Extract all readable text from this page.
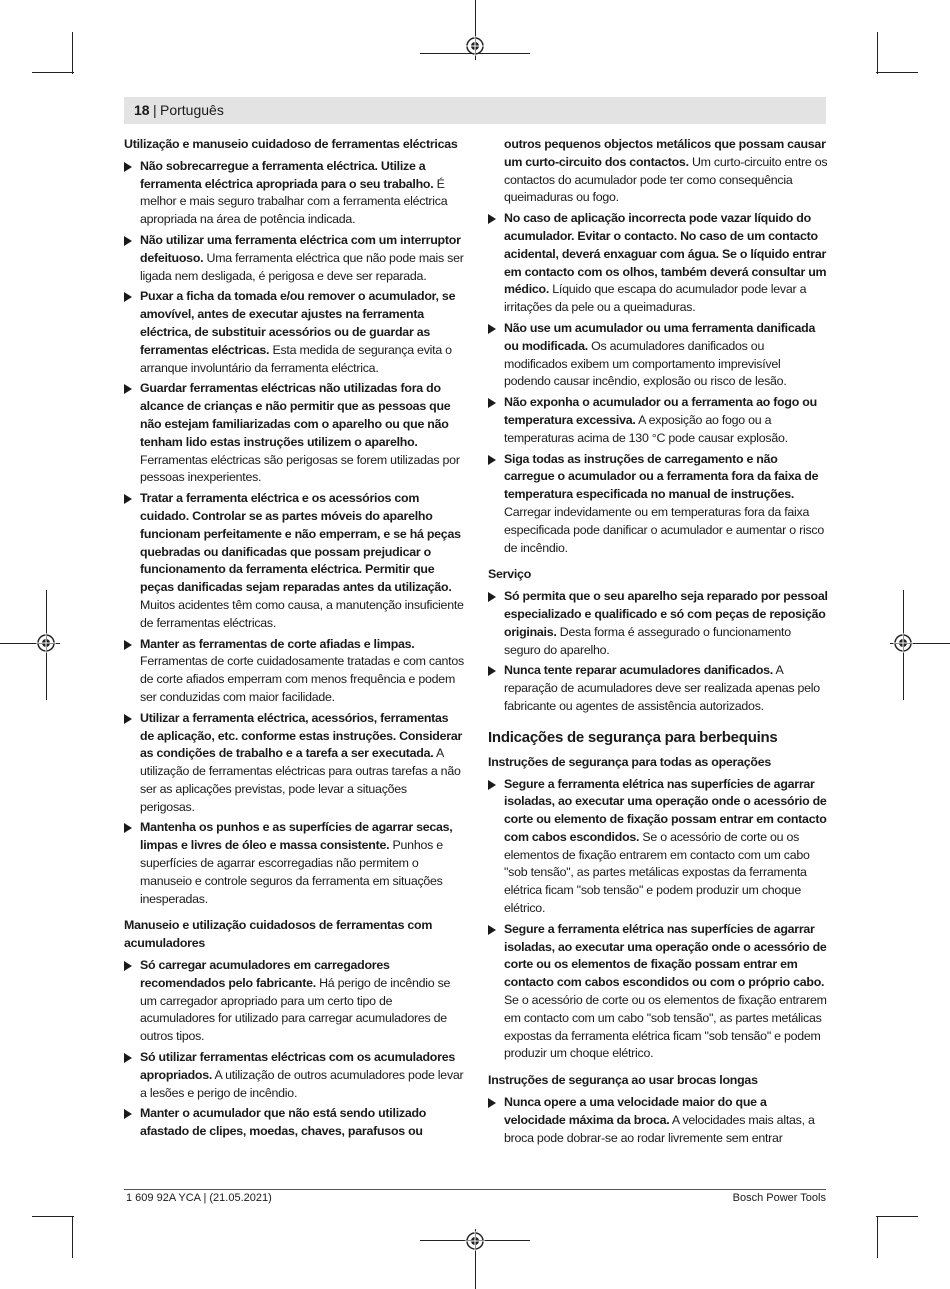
18 | Português
Utilização e manuseio cuidadoso de ferramentas eléctricas
Não sobrecarregue a ferramenta eléctrica. Utilize a ferramenta eléctrica apropriada para o seu trabalho. É melhor e mais seguro trabalhar com a ferramenta eléctrica apropriada na área de potência indicada.
Não utilizar uma ferramenta eléctrica com um interruptor defeituoso. Uma ferramenta eléctrica que não pode mais ser ligada nem desligada, é perigosa e deve ser reparada.
Puxar a ficha da tomada e/ou remover o acumulador, se amovível, antes de executar ajustes na ferramenta eléctrica, de substituir acessórios ou de guardar as ferramentas eléctricas. Esta medida de segurança evita o arranque involuntário da ferramenta eléctrica.
Guardar ferramentas eléctricas não utilizadas fora do alcance de crianças e não permitir que as pessoas que não estejam familiarizadas com o aparelho ou que não tenham lido estas instruções utilizem o aparelho. Ferramentas eléctricas são perigosas se forem utilizadas por pessoas inexperientes.
Tratar a ferramenta eléctrica e os acessórios com cuidado. Controlar se as partes móveis do aparelho funcionam perfeitamente e não emperram, e se há peças quebradas ou danificadas que possam prejudicar o funcionamento da ferramenta eléctrica. Permitir que peças danificadas sejam reparadas antes da utilização. Muitos acidentes têm como causa, a manutenção insuficiente de ferramentas eléctricas.
Manter as ferramentas de corte afiadas e limpas. Ferramentas de corte cuidadosamente tratadas e com cantos de corte afiados emperram com menos frequência e podem ser conduzidas com maior facilidade.
Utilizar a ferramenta eléctrica, acessórios, ferramentas de aplicação, etc. conforme estas instruções. Considerar as condições de trabalho e a tarefa a ser executada. A utilização de ferramentas eléctricas para outras tarefas a não ser as aplicações previstas, pode levar a situações perigosas.
Mantenha os punhos e as superfícies de agarrar secas, limpas e livres de óleo e massa consistente. Punhos e superfícies de agarrar escorregadias não permitem o manuseio e controle seguros da ferramenta em situações inesperadas.
Manuseio e utilização cuidadosos de ferramentas com acumuladores
Só carregar acumuladores em carregadores recomendados pelo fabricante. Há perigo de incêndio se um carregador apropriado para um certo tipo de acumuladores for utilizado para carregar acumuladores de outros tipos.
Só utilizar ferramentas eléctricas com os acumuladores apropriados. A utilização de outros acumuladores pode levar a lesões e perigo de incêndio.
Manter o acumulador que não está sendo utilizado afastado de clipes, moedas, chaves, parafusos ou
outros pequenos objectos metálicos que possam causar um curto-circuito dos contactos. Um curto-circuito entre os contactos do acumulador pode ter como consequência queimaduras ou fogo.
No caso de aplicação incorrecta pode vazar líquido do acumulador. Evitar o contacto. No caso de um contacto acidental, deverá enxaguar com água. Se o líquido entrar em contacto com os olhos, também deverá consultar um médico. Líquido que escapa do acumulador pode levar a irritações da pele ou a queimaduras.
Não use um acumulador ou uma ferramenta danificada ou modificada. Os acumuladores danificados ou modificados exibem um comportamento imprevisível podendo causar incêndio, explosão ou risco de lesão.
Não exponha o acumulador ou a ferramenta ao fogo ou temperatura excessiva. A exposição ao fogo ou a temperaturas acima de 130 °C pode causar explosão.
Siga todas as instruções de carregamento e não carregue o acumulador ou a ferramenta fora da faixa de temperatura especificada no manual de instruções. Carregar indevidamente ou em temperaturas fora da faixa especificada pode danificar o acumulador e aumentar o risco de incêndio.
Serviço
Só permita que o seu aparelho seja reparado por pessoal especializado e qualificado e só com peças de reposição originais. Desta forma é assegurado o funcionamento seguro do aparelho.
Nunca tente reparar acumuladores danificados. A reparação de acumuladores deve ser realizada apenas pelo fabricante ou agentes de assistência autorizados.
Indicações de segurança para berbequins
Instruções de segurança para todas as operações
Segure a ferramenta elétrica nas superfícies de agarrar isoladas, ao executar uma operação onde o acessório de corte ou elemento de fixação possam entrar em contacto com cabos escondidos. Se o acessório de corte ou os elementos de fixação entrarem em contacto com um cabo "sob tensão", as partes metálicas expostas da ferramenta elétrica ficam "sob tensão" e podem produzir um choque elétrico.
Segure a ferramenta elétrica nas superfícies de agarrar isoladas, ao executar uma operação onde o acessório de corte ou os elementos de fixação possam entrar em contacto com cabos escondidos ou com o próprio cabo. Se o acessório de corte ou os elementos de fixação entrarem em contacto com um cabo "sob tensão", as partes metálicas expostas da ferramenta elétrica ficam "sob tensão" e podem produzir um choque elétrico.
Instruções de segurança ao usar brocas longas
Nunca opere a uma velocidade maior do que a velocidade máxima da broca. A velocidades mais altas, a broca pode dobrar-se ao rodar livremente sem entrar
1 609 92A YCA | (21.05.2021)	Bosch Power Tools
